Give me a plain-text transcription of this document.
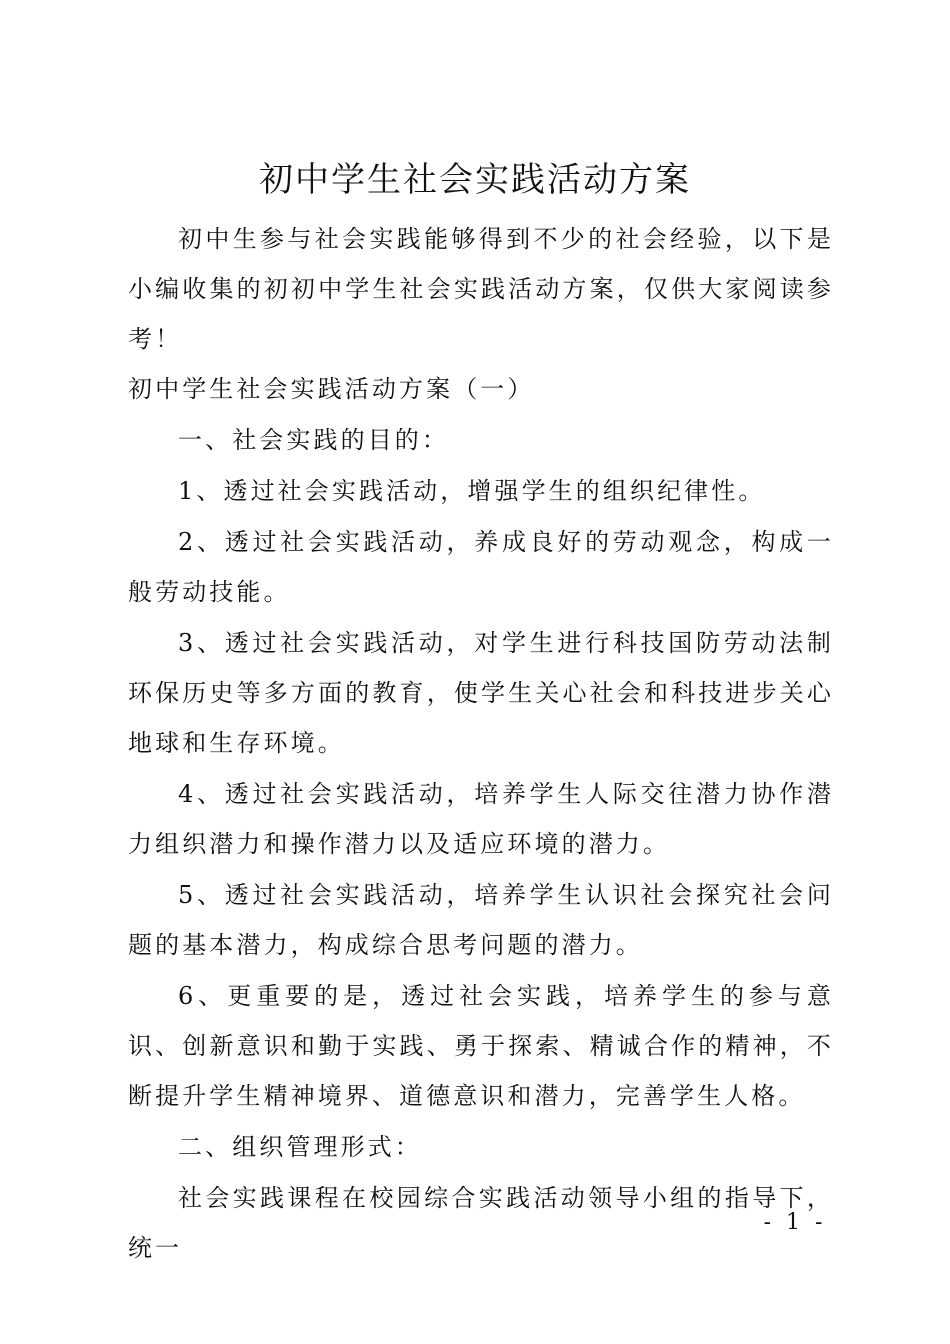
初中学生社会实践活动方案

初中生参与社会实践能够得到不少的社会经验，以下是小编收集的初初中学生社会实践活动方案，仅供大家阅读参考！

初中学生社会实践活动方案（一）

一、社会实践的目的：

1、透过社会实践活动，增强学生的组织纪律性。

2、透过社会实践活动，养成良好的劳动观念，构成一般劳动技能。

3、透过社会实践活动，对学生进行科技国防劳动法制环保历史等多方面的教育，使学生关心社会和科技进步关心地球和生存环境。

4、透过社会实践活动，培养学生人际交往潜力协作潜力组织潜力和操作潜力以及适应环境的潜力。

5、透过社会实践活动，培养学生认识社会探究社会问题的基本潜力，构成综合思考问题的潜力。

6、更重要的是，透过社会实践，培养学生的参与意识、创新意识和勤于实践、勇于探索、精诚合作的精神，不断提升学生精神境界、道德意识和潜力，完善学生人格。

二、组织管理形式：

社会实践课程在校园综合实践活动领导小组的指导下，统一

- 1 -
